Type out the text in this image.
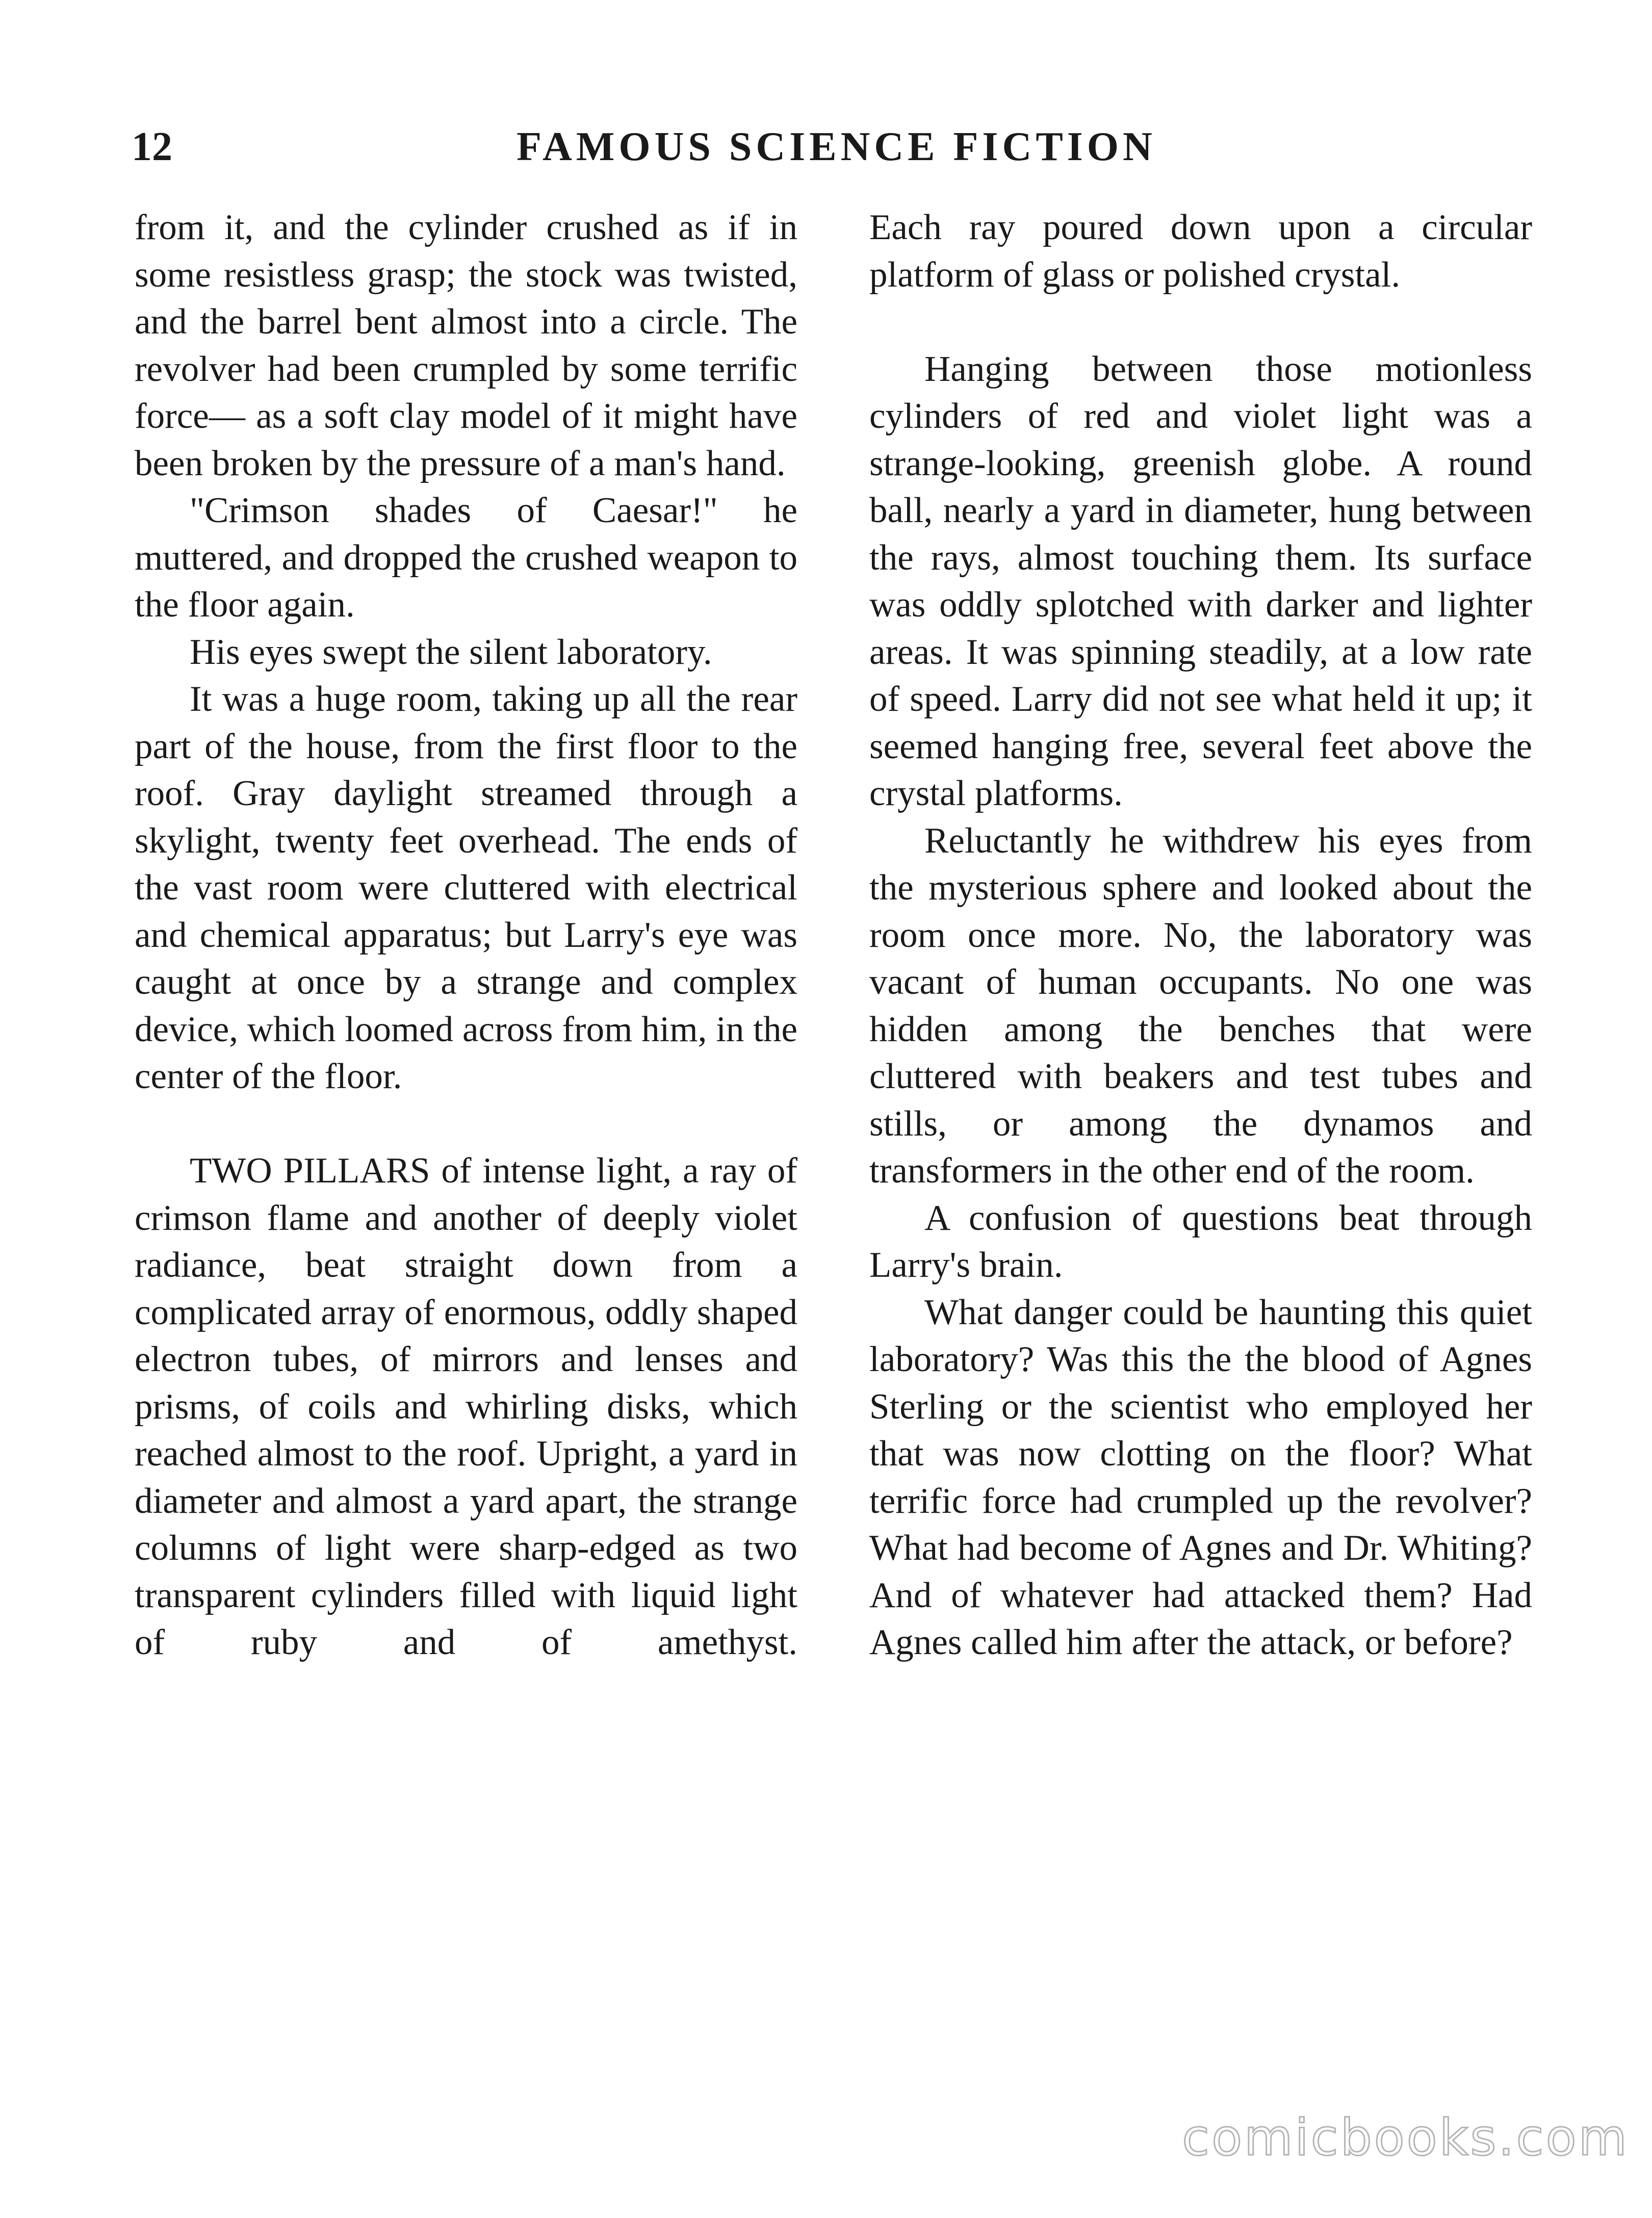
12	FAMOUS SCIENCE FICTION

from it, and the cylinder crushed as if in some resistless grasp; the stock was twisted, and the barrel bent almost into a circle. The revolver had been crumpled by some terrific force— as a soft clay model of it might have been broken by the pressure of a man's hand.

"Crimson shades of Caesar!" he muttered, and dropped the crushed weapon to the floor again.

His eyes swept the silent laboratory.

It was a huge room, taking up all the rear part of the house, from the first floor to the roof. Gray daylight streamed through a skylight, twenty feet overhead. The ends of the vast room were cluttered with electrical and chemical apparatus; but Larry's eye was caught at once by a strange and complex device, which loomed across from him, in the center of the floor.

TWO PILLARS of intense light, a ray of crimson flame and another of deeply violet radiance, beat straight down from a complicated array of enormous, oddly shaped electron tubes, of mirrors and lenses and prisms, of coils and whirling disks, which reached almost to the roof. Upright, a yard in diameter and almost a yard apart, the strange columns of light were sharp-edged as two transparent cylinders filled with liquid light of ruby and of amethyst.

Each ray poured down upon a circular platform of glass or polished crystal.

Hanging between those motionless cylinders of red and violet light was a strange-looking, greenish globe. A round ball, nearly a yard in diameter, hung between the rays, almost touching them. Its surface was oddly splotched with darker and lighter areas. It was spinning steadily, at a low rate of speed. Larry did not see what held it up; it seemed hanging free, several feet above the crystal platforms.

Reluctantly he withdrew his eyes from the mysterious sphere and looked about the room once more. No, the laboratory was vacant of human occupants. No one was hidden among the benches that were cluttered with beakers and test tubes and stills, or among the dynamos and transformers in the other end of the room.

A confusion of questions beat through Larry's brain.

What danger could be haunting this quiet laboratory? Was this the the blood of Agnes Sterling or the scientist who employed her that was now clotting on the floor? What terrific force had crumpled up the revolver? What had become of Agnes and Dr. Whiting? And of whatever had attacked them? Had Agnes called him after the attack, or before?

comicbooks.com
